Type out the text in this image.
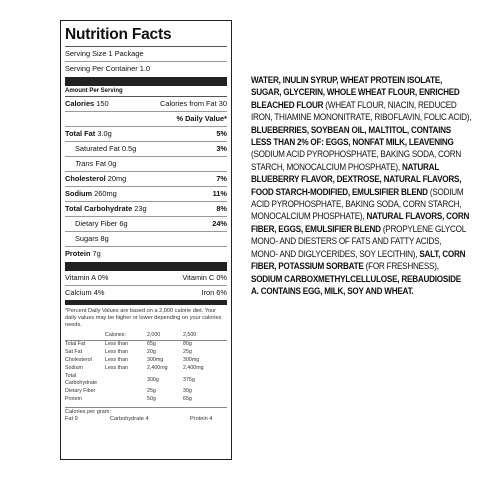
Nutrition Facts
Serving Size 1 Package
Serving Per Container 1.0
Amount Per Serving
Calories 150	Calories from Fat 30
% Daily Value*
Total Fat 3.0g	5%
Saturated Fat 0.5g	3%
Trans Fat 0g
Cholesterol 20mg	7%
Sodium 260mg	11%
Total Carbohydrate 23g	8%
Dietary Fiber 6g	24%
Sugars 8g
Protein 7g
Vitamin A 0%	Vitamin C 0%
Calcium 4%	Iron 6%
*Percent Daily Values are based on a 2,000 calorie diet. Your daily values may be higher or lower depending on your calories needs.
	Calories:	2,000	2,500
Total Fat	Less than	65g	80g
Sat Fat	Less than	20g	25g
Cholesterol	Less than	300mg	300mg
Sodium	Less than	2,400mg	2,400mg
Total Carbohydrate		300g	375g
Dietary Fiber		25g	30g
Protein		50g	65g
Calories per gram:
Fat 9	Carbohydrate 4	Protein 4
WATER, INULIN SYRUP, WHEAT PROTEIN ISOLATE,
SUGAR, GLYCERIN, WHOLE WHEAT FLOUR, ENRICHED
BLEACHED FLOUR (WHEAT FLOUR, NIACIN, REDUCED
IRON, THIAMINE MONONITRATE, RIBOFLAVIN, FOLIC ACID),
BLUEBERRIES, SOYBEAN OIL, MALTITOL, CONTAINS
LESS THAN 2% OF: EGGS, NONFAT MILK, LEAVENING
(SODIUM ACID PYROPHOSPHATE, BAKING SODA, CORN
STARCH, MONOCALCIUM PHOSPHATE), NATURAL
BLUEBERRY FLAVOR, DEXTROSE, NATURAL FLAVORS,
FOOD STARCH-MODIFIED, EMULSIFIER BLEND (SODIUM
ACID PYROPHOSPHATE, BAKING SODA, CORN STARCH,
MONOCALCIUM PHOSPHATE), NATURAL FLAVORS, CORN
FIBER, EGGS, EMULSIFIER BLEND (PROPYLENE GLYCOL
MONO- AND DIESTERS OF FATS AND FATTY ACIDS,
MONO- AND DIGLYCERIDES, SOY LECITHIN), SALT, CORN
FIBER, POTASSIUM SORBATE (FOR FRESHNESS),
SODIUM CARBOXMETHYLCELLULOSE, REBAUDIOSIDE
A. CONTAINS EGG, MILK, SOY AND WHEAT.
